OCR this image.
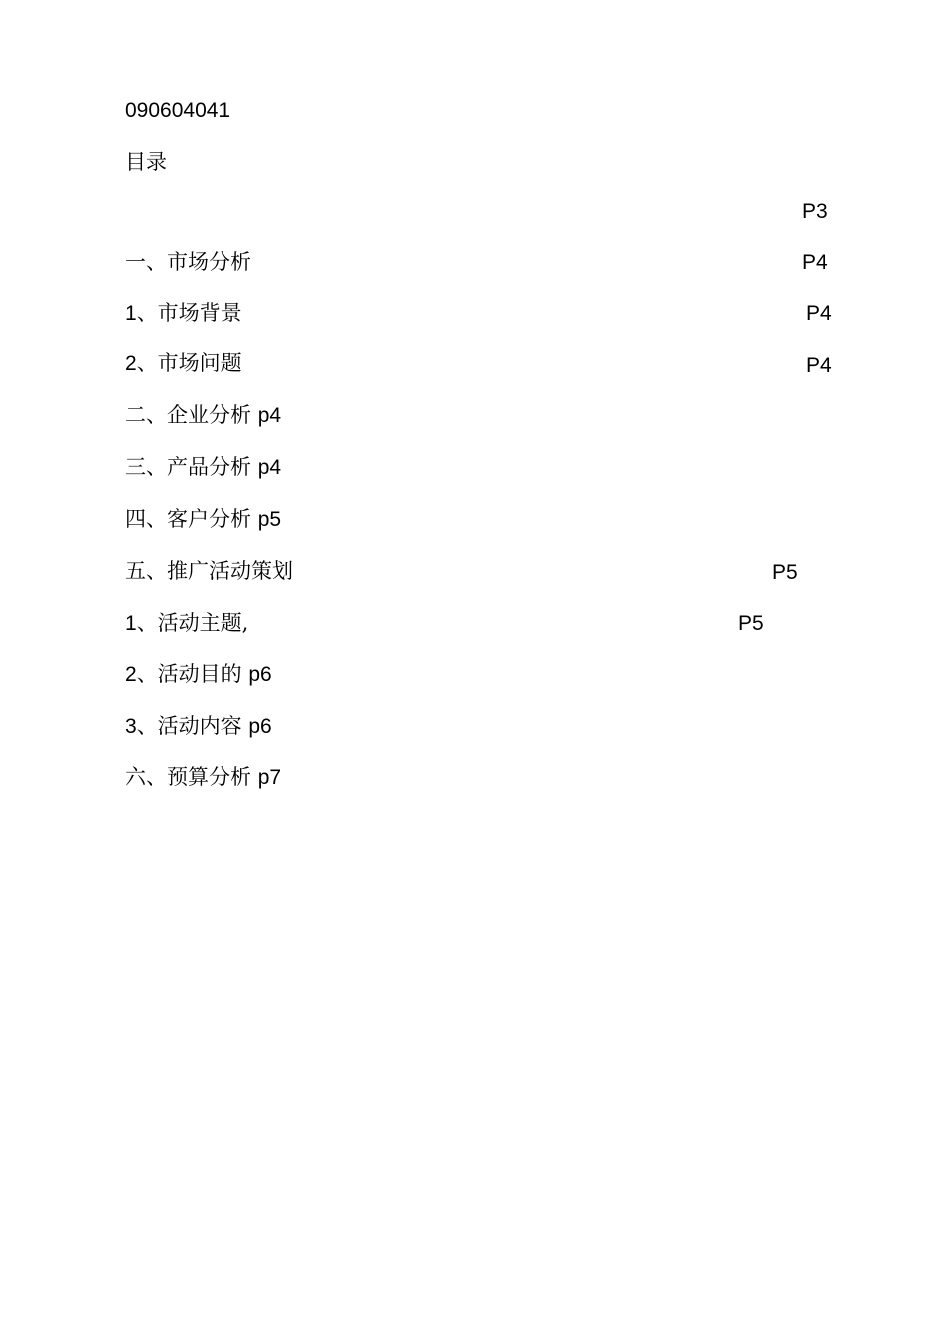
090604041
目录
P3
一、市场分析	P4
1、市场背景	P4
2、市场问题	P4
二、企业分析 p4
三、产品分析 p4
四、客户分析 p5
五、推广活动策划	P5
1、活动主题,	P5
2、活动目的 p6
3、活动内容 p6
六、预算分析 p7
